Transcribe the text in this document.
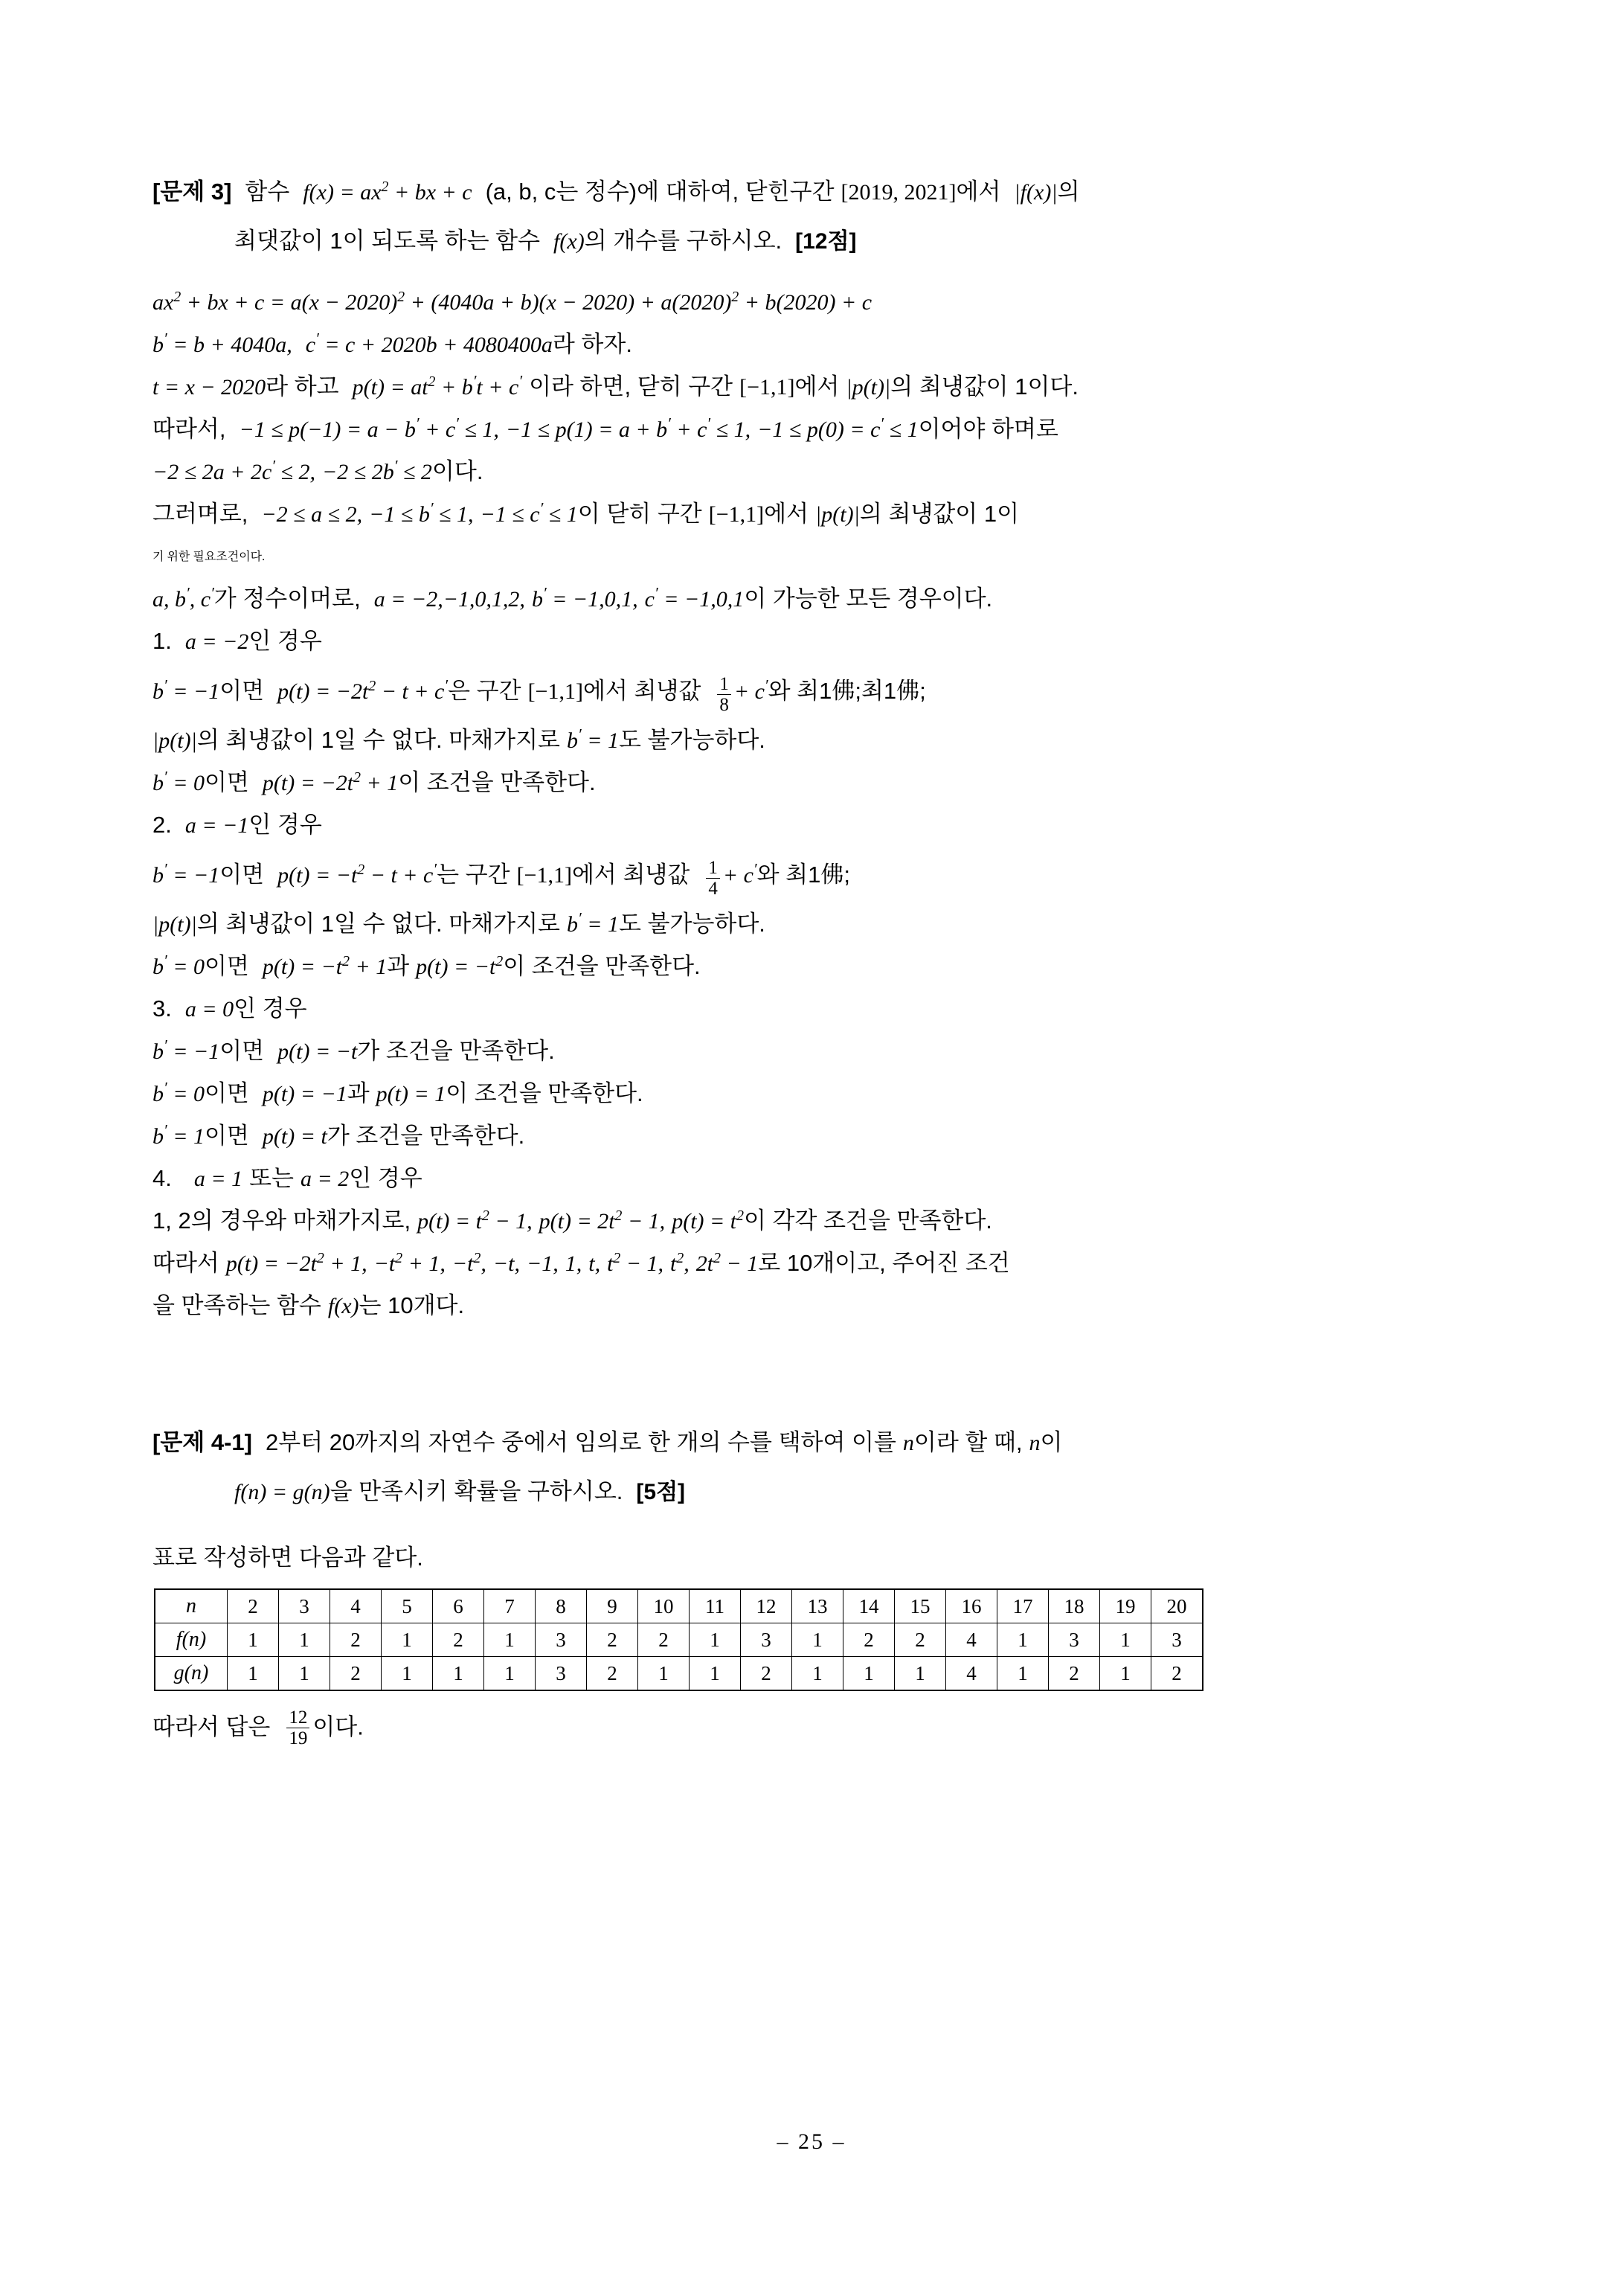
[문제 3] 함수 $f(x) = ax^2$ + bx + c (a, b, c는 정수)에 대하여, 닫힌구간 [2019, 2021]에서 |f(x)|의
최댓값이 1이 되도록 하는 함수 f(x)의 개수를 구하시오. [12점]
$ax^2$ + bx + $c = a(x - 2020)^2 + (4040a + b)(x - 2020) + a(2020)^2 + b(2020) + c$
b′ = b + 4040a, c′ = c + 2020b + 4080400a라 하자.
t = x − 2020라 하고 $p(t) = at^2 + b't + c'$ 이라 하면, 닫히 구간 [−1,1]에서 |p(t)|의 최넁값이 1이다.
따라서, −1 ≤ p(−1) = a − b′ + c′ ≤ 1, −1 ≤ p(1) = a + b′ + c′ ≤ 1, −1 ≤ p(0) = c′ ≤ 1이어야 하며로
−2 ≤ 2a + 2c′ ≤ 2, −2 ≤ 2b′ ≤ 2이다.
그러며로, −2 ≤ a ≤ 2, −1 ≤ b′ ≤ 1, −1 ≤ c′ ≤ 1이 닫히 구간 [−1,1]에서 |p(t)|의 최넁값이 1이
기 위한 필요조건이다.
a, b′, c′가 정수이머로, a = −2,−1,0,1,2, b′ = −1,0,1, c′ = −1,0,1이 가능한 모든 경우이다.
1. a = −2인 경우
b′ = −1이면 $p(t) = -2t^2 - t + c'$은 구간 [−1,1]에서 최넁값 $\frac{1}{8} + c'$와 최1佛;최1佛;
|p(t)|의 최넁값이 1일 수 없다. 마채가지로 b′ = 1도 불가능하다.
b′ = 0이면 $p(t) = -2t^2 + 1$이 조건을 만족한다.
2. a = −1인 경우
b′ = −1이면 $p(t) = -t^2 - t + c'$는 구간 [−1,1]에서 최넁값 $\frac{1}{4} + c'$와 최1佛;
|p(t)|의 최넁값이 1일 수 없다. 마채가지로 b′ = 1도 불가능하다.
b′ = 0이면 $p(t) = -t^2 + 1$과 $p(t) = -t^2$이 조건을 만족한다.
3. a = 0인 경우
b′ = −1이면 p(t) = −t가 조건을 만족한다.
b′ = 0이면 p(t) = −1과 p(t) = 1이 조건을 만족한다.
b′ = 1이면 p(t) = t가 조건을 만족한다.
4. a = 1 또는 a = 2인 경우
1, 2의 경우와 마채가지로, $p(t) = t^2 - 1$, $p(t) = 2t^2 - 1$, $p(t) = t^2$이 각각 조건을 만족한다.
따라서 $p(t) = -2t^2 + 1$, $-t^2 + 1$, $-t^2$, −t, −1, 1, t, $t^2 - 1$, $t^2$, $2t^2 - 1$로 10개이고, 주어진 조건
을 만족하는 함수 f(x)는 10개다.
[문제 4-1] 2부터 20까지의 자연수 중에서 임의로 한 개의 수를 택하여 이를 n이라 할 때, n이
f(n) = g(n)을 만족시키 확률을 구하시오. [5점]
표로 작성하면 다음과 같다.
n	2	3	4	5	6	7	8	9	10	11	12	13	14	15	16	17	18	19	20
f(n)	1	1	2	1	2	1	3	2	2	1	3	1	2	2	4	1	3	1	3
g(n)	1	1	2	1	1	1	3	2	1	1	2	1	1	1	4	1	2	1	2
따라서 답은 $\frac{12}{19}$ 이다.
– 25 –
